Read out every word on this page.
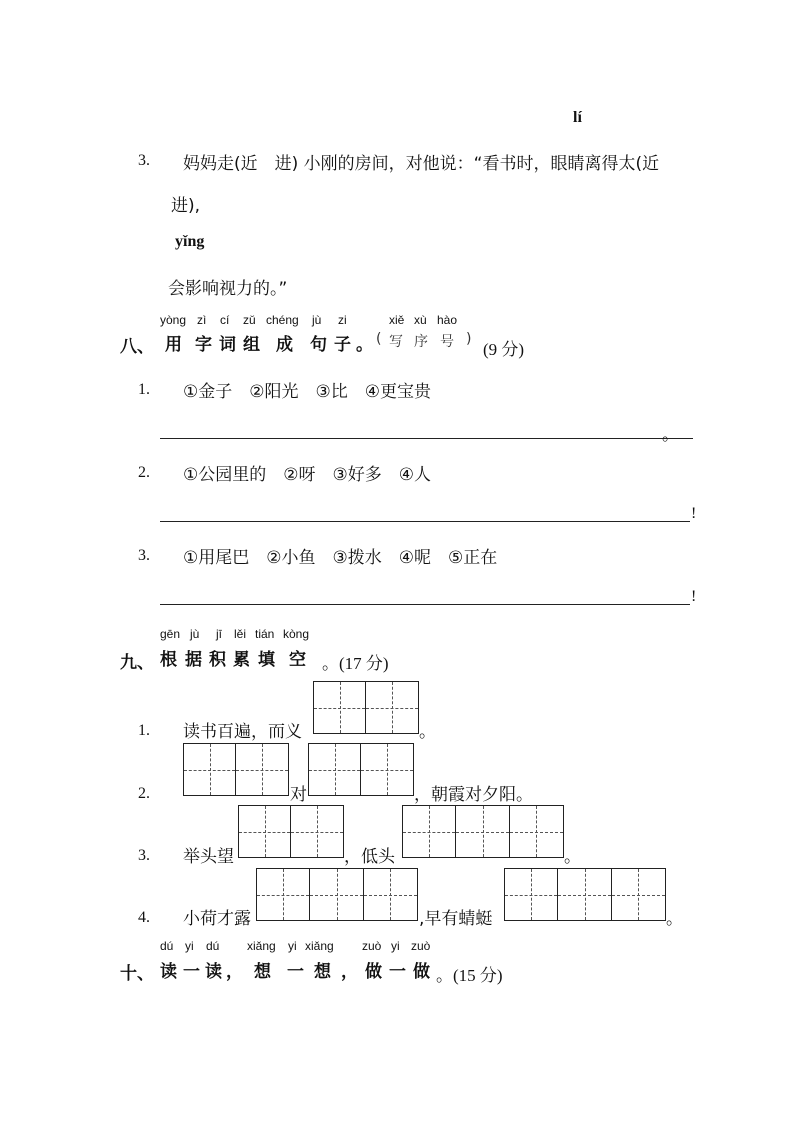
lí
3. 妈妈走(近　进) 小刚的房间，对他说：“看书时，眼睛离得太(近
进),
yǐng
会影响视力的。”
yòng zì cí zǔ chéng jù zi	xiě xù hào
八、 用 字 词 组 成 句 子 。 ( 写 序 号 )
(9 分)
1. ①金子　②阳光　③比　④更宝贵
。
2. ①公园里的　②呀　③好多　④人
!
3. ①用尾巴　②小鱼　③拨水　④呢　⑤正在
!
gēn jù jī lěi tián kòng
九、 根 据 积 累 填 空 。(17 分)
1. 读书百遍，而义	。
2.	对	，朝霞对夕阳。
3. 举头望	，低头	。
4. 小荷才露	,早有蜻蜓	。
dú yi dú xiǎng yi xiǎng zuò yi zuò
十、 读 一 读 ， 想 一 想 ， 做 一 做 。(15 分)
